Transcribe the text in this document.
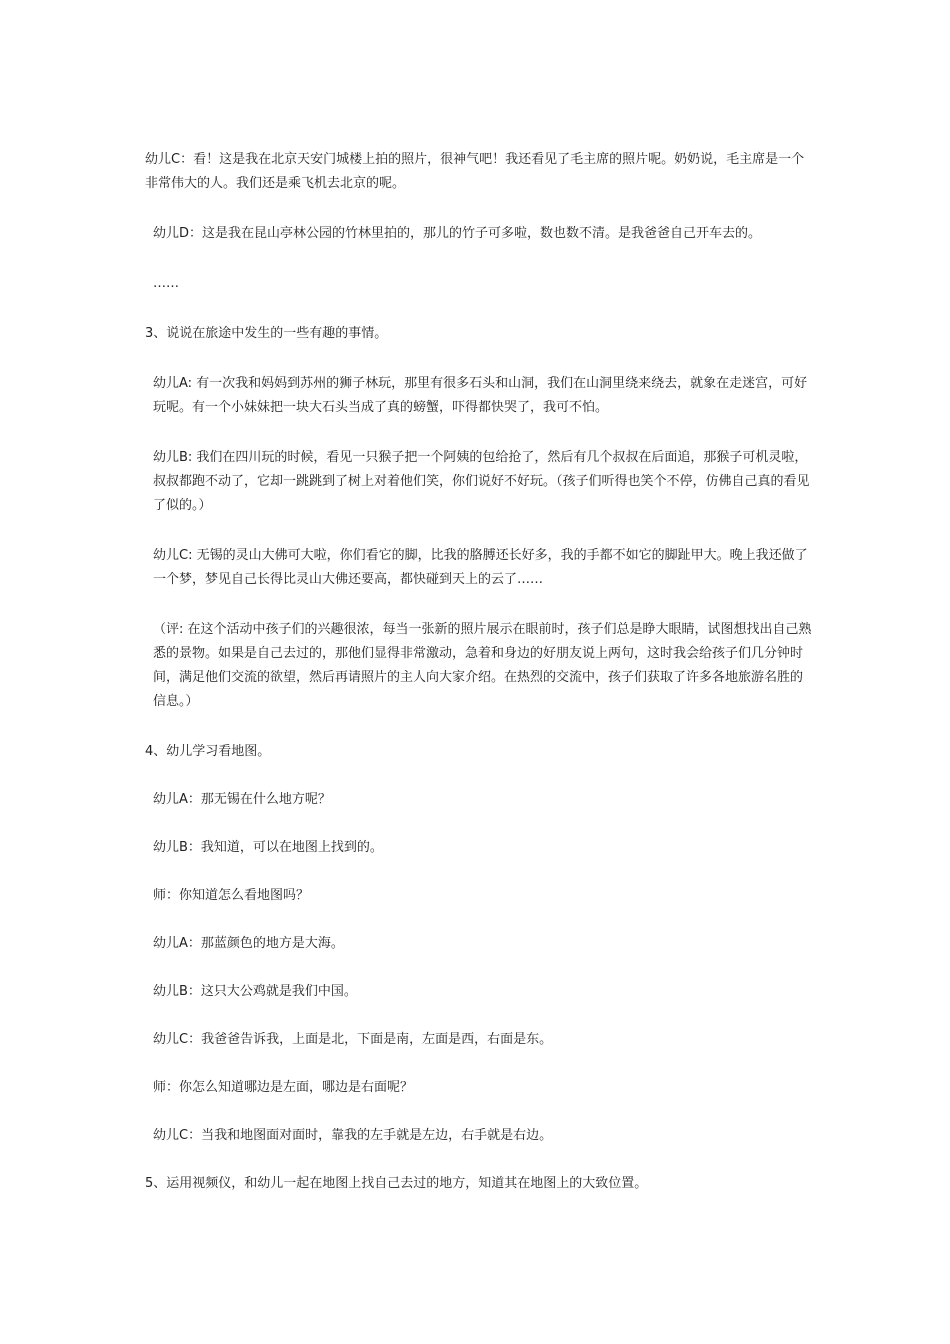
幼儿C：看！这是我在北京天安门城楼上拍的照片，很神气吧！我还看见了毛主席的照片呢。奶奶说，毛主席是一个非常伟大的人。我们还是乘飞机去北京的呢。

幼儿D：这是我在昆山亭林公园的竹林里拍的，那儿的竹子可多啦，数也数不清。是我爸爸自己开车去的。

……

3、说说在旅途中发生的一些有趣的事情。

幼儿A: 有一次我和妈妈到苏州的狮子林玩，那里有很多石头和山洞，我们在山洞里绕来绕去，就象在走迷宫，可好玩呢。有一个小妹妹把一块大石头当成了真的螃蟹，吓得都快哭了，我可不怕。

幼儿B: 我们在四川玩的时候，看见一只猴子把一个阿姨的包给抢了，然后有几个叔叔在后面追，那猴子可机灵啦，叔叔都跑不动了，它却一跳跳到了树上对着他们笑，你们说好不好玩。（孩子们听得也笑个不停，仿佛自己真的看见了似的。）

幼儿C: 无锡的灵山大佛可大啦，你们看它的脚，比我的胳膊还长好多，我的手都不如它的脚趾甲大。晚上我还做了一个梦，梦见自己长得比灵山大佛还要高，都快碰到天上的云了……

（评: 在这个活动中孩子们的兴趣很浓，每当一张新的照片展示在眼前时，孩子们总是睁大眼睛，试图想找出自己熟悉的景物。如果是自己去过的，那他们显得非常激动，急着和身边的好朋友说上两句，这时我会给孩子们几分钟时间，满足他们交流的欲望，然后再请照片的主人向大家介绍。在热烈的交流中，孩子们获取了许多各地旅游名胜的信息。）

4、幼儿学习看地图。

幼儿A：那无锡在什么地方呢？

幼儿B：我知道，可以在地图上找到的。

师：你知道怎么看地图吗？

幼儿A：那蓝颜色的地方是大海。

幼儿B：这只大公鸡就是我们中国。

幼儿C：我爸爸告诉我，上面是北，下面是南，左面是西，右面是东。

师：你怎么知道哪边是左面，哪边是右面呢？

幼儿C：当我和地图面对面时，靠我的左手就是左边，右手就是右边。

5、运用视频仪，和幼儿一起在地图上找自己去过的地方，知道其在地图上的大致位置。
